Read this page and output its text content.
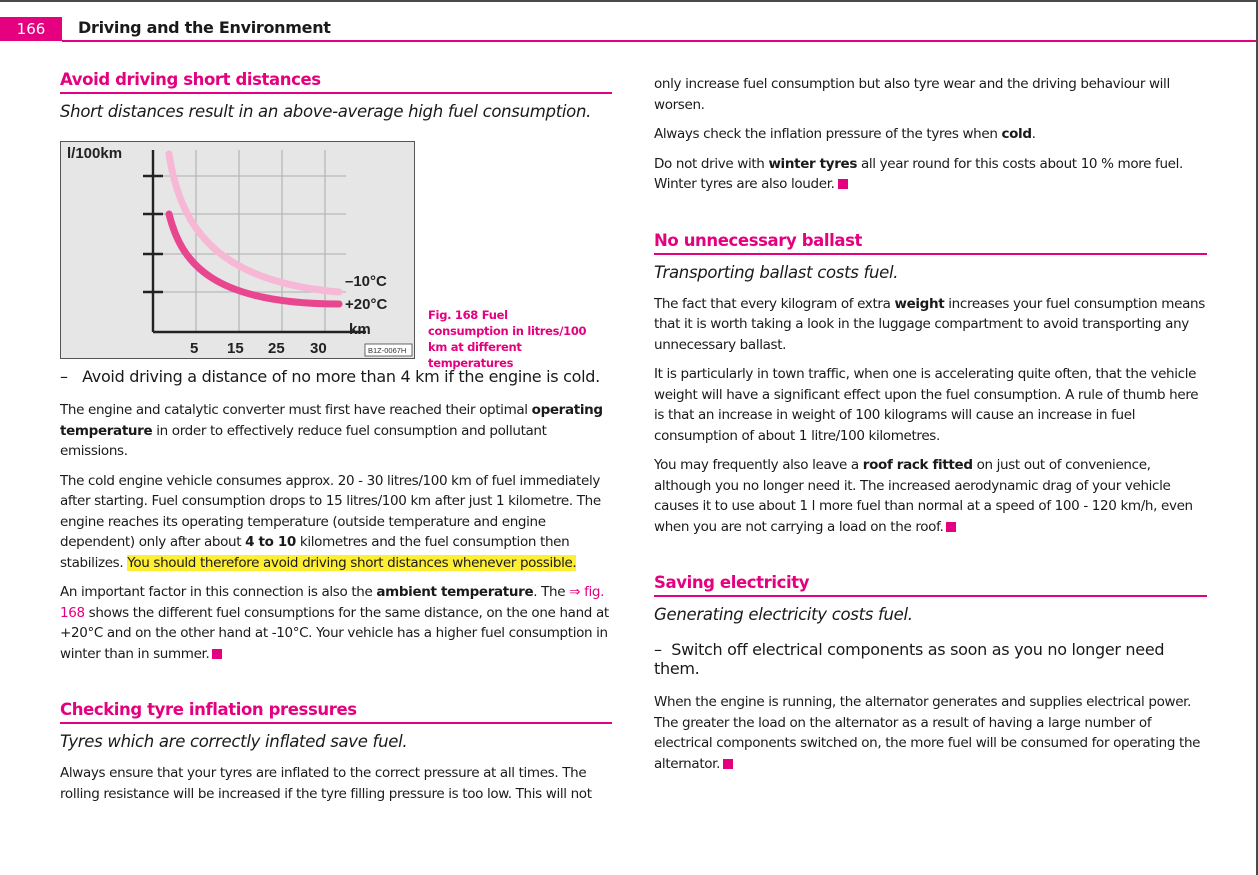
166	Driving and the Environment
Avoid driving short distances

Short distances result in an above-average high fuel consumption.

l/100km
–10°C
+20°C
km
5 15 25 30	B1Z-0067H
Fig. 168 Fuel consumption in litres/100 km at different temperatures

–   Avoid driving a distance of no more than 4 km if the engine is cold.

The engine and catalytic converter must first have reached their optimal operating temperature in order to effectively reduce fuel consumption and pollutant emissions.

The cold engine vehicle consumes approx. 20 - 30 litres/100 km of fuel immediately after starting. Fuel consumption drops to 15 litres/100 km after just 1 kilometre. The engine reaches its operating temperature (outside temperature and engine dependent) only after about 4 to 10 kilometres and the fuel consumption then stabilizes. You should therefore avoid driving short distances whenever possible.

An important factor in this connection is also the ambient temperature. The ⇒ fig. 168 shows the different fuel consumptions for the same distance, on the one hand at +20°C and on the other hand at -10°C. Your vehicle has a higher fuel consumption in winter than in summer.

Checking tyre inflation pressures

Tyres which are correctly inflated save fuel.

Always ensure that your tyres are inflated to the correct pressure at all times. The rolling resistance will be increased if the tyre filling pressure is too low. This will not

only increase fuel consumption but also tyre wear and the driving behaviour will worsen.

Always check the inflation pressure of the tyres when cold.

Do not drive with winter tyres all year round for this costs about 10 % more fuel. Winter tyres are also louder.

No unnecessary ballast

Transporting ballast costs fuel.

The fact that every kilogram of extra weight increases your fuel consumption means that it is worth taking a look in the luggage compartment to avoid transporting any unnecessary ballast.

It is particularly in town traffic, when one is accelerating quite often, that the vehicle weight will have a significant effect upon the fuel consumption. A rule of thumb here is that an increase in weight of 100 kilograms will cause an increase in fuel consumption of about 1 litre/100 kilometres.

You may frequently also leave a roof rack fitted on just out of convenience, although you no longer need it. The increased aerodynamic drag of your vehicle causes it to use about 1 l more fuel than normal at a speed of 100 - 120 km/h, even when you are not carrying a load on the roof.

Saving electricity

Generating electricity costs fuel.

–  Switch off electrical components as soon as you no longer need them.

When the engine is running, the alternator generates and supplies electrical power. The greater the load on the alternator as a result of having a large number of electrical components switched on, the more fuel will be consumed for operating the alternator.
